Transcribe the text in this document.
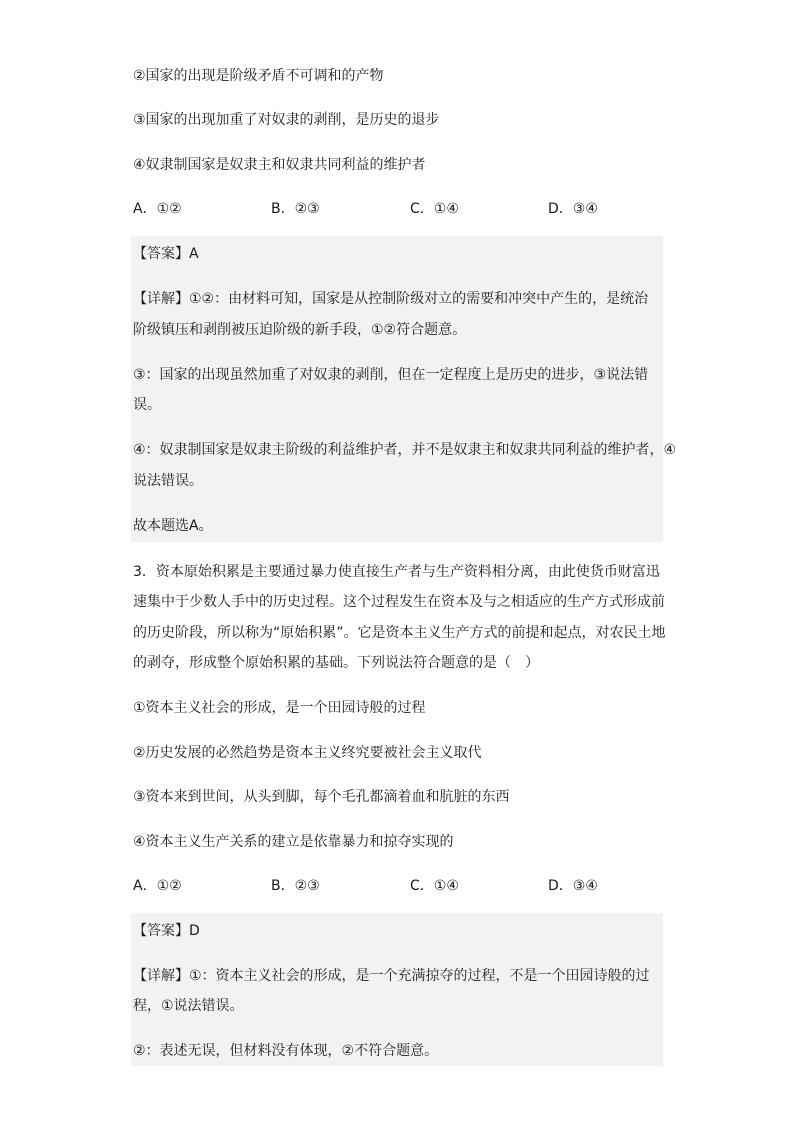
②国家的出现是阶级矛盾不可调和的产物
③国家的出现加重了对奴隶的剥削，是历史的退步
④奴隶制国家是奴隶主和奴隶共同利益的维护者
A．①②	B．②③	C．①④	D．③④
【答案】A
【详解】①②：由材料可知，国家是从控制阶级对立的需要和冲突中产生的，是统治
阶级镇压和剥削被压迫阶级的新手段，①②符合题意。
③：国家的出现虽然加重了对奴隶的剥削，但在一定程度上是历史的进步，③说法错
误。
④：奴隶制国家是奴隶主阶级的利益维护者，并不是奴隶主和奴隶共同利益的维护者，④
说法错误。
故本题选A。
3．资本原始积累是主要通过暴力使直接生产者与生产资料相分离，由此使货币财富迅
速集中于少数人手中的历史过程。这个过程发生在资本及与之相适应的生产方式形成前
的历史阶段，所以称为“原始积累”。它是资本主义生产方式的前提和起点，对农民土地
的剥夺，形成整个原始积累的基础。下列说法符合题意的是（　）
①资本主义社会的形成，是一个田园诗般的过程
②历史发展的必然趋势是资本主义终究要被社会主义取代
③资本来到世间，从头到脚，每个毛孔都滴着血和肮脏的东西
④资本主义生产关系的建立是依靠暴力和掠夺实现的
A．①②	B．②③	C．①④	D．③④
【答案】D
【详解】①：资本主义社会的形成，是一个充满掠夺的过程，不是一个田园诗般的过
程，①说法错误。
②：表述无误，但材料没有体现，②不符合题意。
